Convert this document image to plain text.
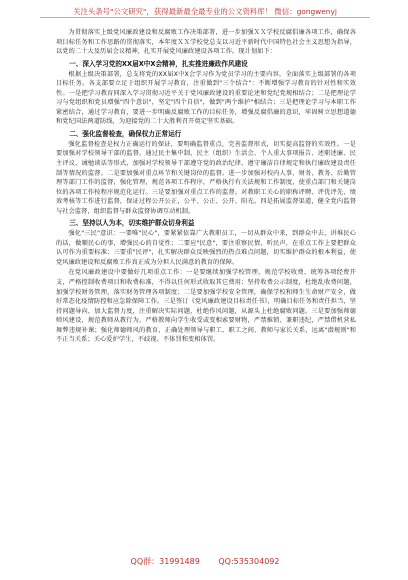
关注头条号"公文研究"，获得最新最全最专业的公文资料库！ 微信：gongwenyj

为贯彻落实上级党风廉政建设和反腐败工作决策部署，进一步加强ＸＸ学校反腐倡廉各项工作，确保各项目标任务和工作思路的贯彻落实，本年度ＸＸ学校党总支以习近平新时代中国特色社会主义思想为指导，以党的二十大及历届会议精神，扎实开展党风廉政建设各项工作。现计划如下：

一、深入学习党的XX届X中X会精神，扎实推进廉政作风建设

根据上级决策部署，总支将党的XX届X中X会学习作为党员学习的主要内容，全面落实上级部署的各项目标任务。各支部要立足于组织开展学习教育，注重做到"三个结合"：不断增强学习教育的针对性和实效性。一是把学习教育同深入学习贯彻习近平关于党风廉政建设的重要论述和党纪党规相结合；二是把理论学习与党组织和党员增强"四个意识"，坚定"四个自信"，做到"两个维护"相结合；三是把理论学习与本职工作紧密结合，通过学习教育，要进一步明确反腐败工作的目标任务，增强反腐倡廉的意识，牢固树立思想道德和党纪国法两道防线，为迎接党的二十大胜利召开奠定坚实基础。

二、强化监督检查，确保权力正常运行

强化监督检查是权力正确运行的保证，要明确监督重点，完善监督形式，切实提高监督的实效性。一是要加强对学校领导干部的监督。通过民主集中制、民主（组织）生活会、个人重大事项报告、述职述廉、民主评议、诫勉谈话等形式，加强对学校领导干部遵守党的政治纪律、遵守廉洁自律规定和执行廉政建设责任制等情况的监督。二是要加强对重点环节和关键岗位的监督。进一步加强对校内人事、财务、教务、后勤管理等部门工作的监督，强化管理，规范各项工作程序，严格执行有关法规和工作制度，使重点部门和关键岗位的各项工作按程序规范化运行。三是要加强对重点工作的监督。对教职工关心的职称评聘、评优评先、绩效考核等工作进行监督，保证过程公开公正，公平、公正、公开、阳光。四是拓展监督渠道，健全党内监督与社会监督，组织监督与群众监督协调互动机制。

三、坚持以人为本，切实维护群众切身利益

强化"三民"意识：一要唯"民心"，要紧紧依靠广大教职员工，一切从群众中来，到群众中去，讲堆民心的话，做顺民心的事，增强民心的自觉性；二要应"民意"，要注重察民情，听民声，在重点工作上要把群众认可作为重要标准；三要重"民评"，扎实解决群众反映强烈的热点难点问题，切实维护群众的根本利益，使党风廉政建设和反腐败工作真正成为分担人民满意的教育的保障。

在党风廉政建设中要做好几项重点工作：一是要继续加强学校管理，规范学校收费、统筹各项经费开支，严格控制收费项目和收费标准，不得以任何形式收取其它费用；坚持收费公示制度，杜绝乱收费问题，加强学校财务管理，落实财务管理各项制度；二是要加强学校安全管理，确保学校和师生生命财产安全，做好常态化疫情防控和应急除保障工作。三是签订《党风廉政建设目标责任书》，明确目标任务和责任担当，坚持问题导向，加大监督力度，注重解决实际问题，杜绝作风问题，从源头上杜绝腐败问题。三是要加强师德师风建设，规范教师从教行为，严格教师向学生收受或变相索要财物，严禁推销、兼职违纪，严禁借机营私舞弊违规补课；强化师德师风的教育，正确处理领导与职工、职工之间、教师与家长关系，远离"潜规则"和不正当关系；关心爱护学生，不歧视、不体罚和变相体罚。

QQ群：31991489 QQ:535304092
